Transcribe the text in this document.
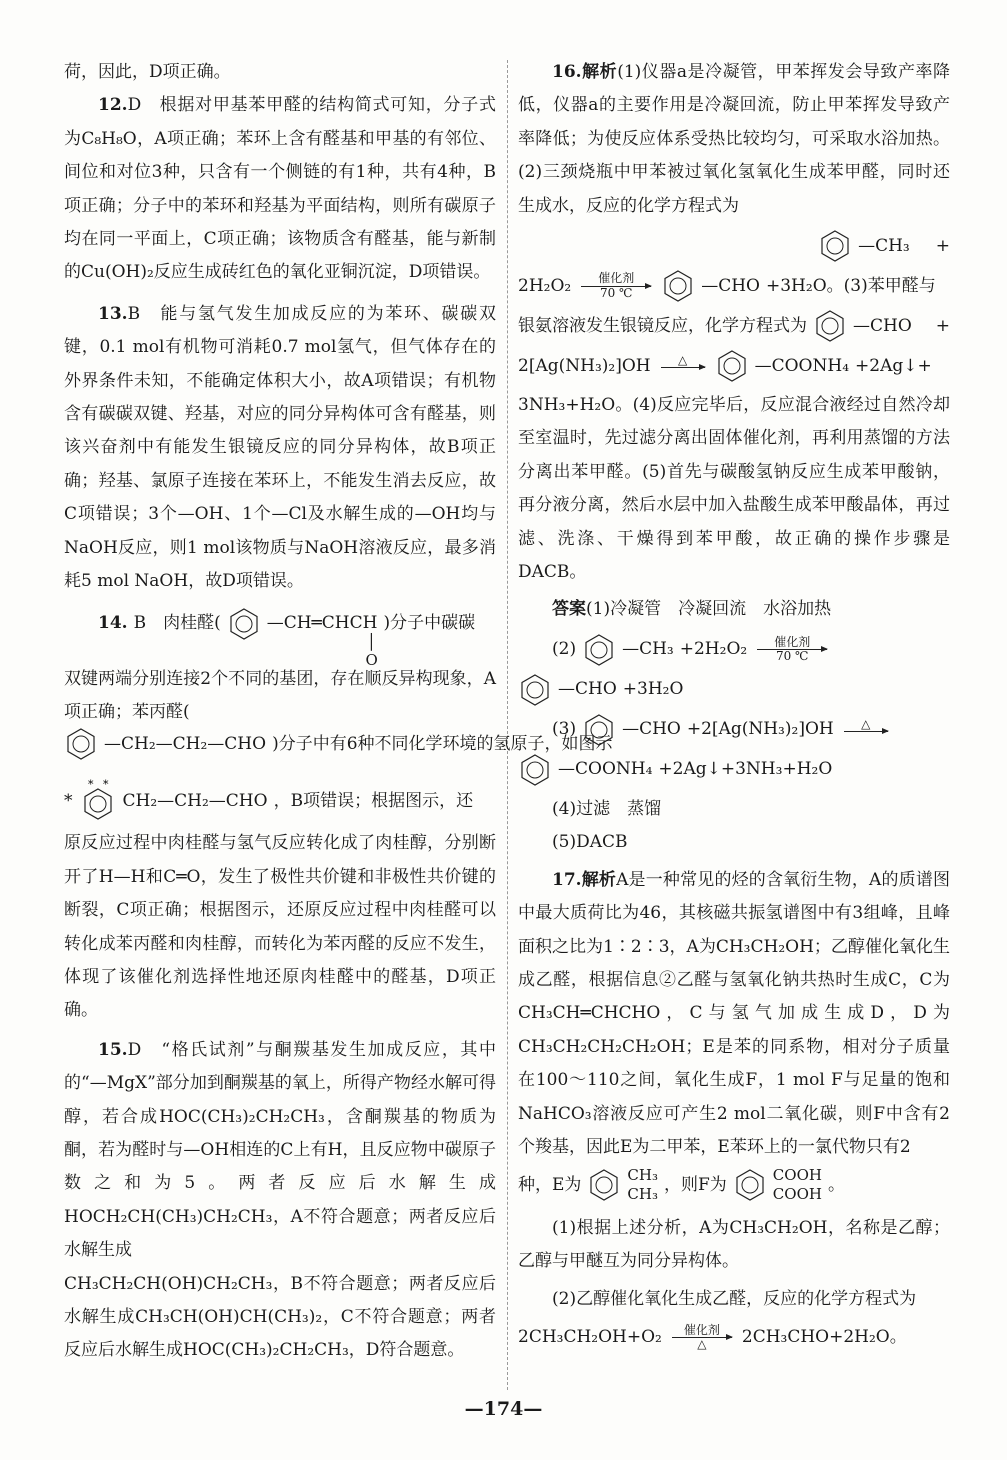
荷，因此，D项正确。

12.D　根据对甲基苯甲醛的结构简式可知，分子式为C₈H₈O，A项正确；苯环上含有醛基和甲基的有邻位、间位和对位3种，只含有一个侧链的有1种，共有4种，B项正确；分子中的苯环和羟基为平面结构，则所有碳原子均在同一平面上，C项正确；该物质含有醛基，能与新制的Cu(OH)₂反应生成砖红色的氧化亚铜沉淀，D项错误。

13.B　能与氢气发生加成反应的为苯环、碳碳双键，0.1 mol有机物可消耗0.7 mol氢气，但气体存在的外界条件未知，不能确定体积大小，故A项错误；有机物含有碳碳双键、羟基，对应的同分异构体可含有醛基，则该兴奋剂中有能发生银镜反应的同分异构体，故B项正确；羟基、氯原子连接在苯环上，不能发生消去反应，故C项错误；3个—OH、1个—Cl及水解生成的—OH均与NaOH反应，则1 mol该物质与NaOH溶液反应，最多消耗5 mol NaOH，故D项错误。

14. B　肉桂醛(	—CH═CHCH
│
O
)分子中碳碳

双键两端分别连接2个不同的基团，存在顺反异构现象，A项正确；苯丙醛(

—CH₂—CH₂—CHO )分子中有6种不同化学环境的氢原子，如图示
*
* *
CH₂—CH₂—CHO ，B项错误；根据图示，还

原反应过程中肉桂醛与氢气反应转化成了肉桂醇，分别断开了H—H和C═O，发生了极性共价键和非极性共价键的断裂，C项正确；根据图示，还原反应过程中肉桂醛可以转化成苯丙醛和肉桂醇，而转化为苯丙醛的反应不发生，体现了该催化剂选择性地还原肉桂醛中的醛基，D项正确。

15.D　“格氏试剂”与酮羰基发生加成反应，其中的“—MgX”部分加到酮羰基的氧上，所得产物经水解可得醇，若合成HOC(CH₃)₂CH₂CH₃，含酮羰基的物质为酮，若为醛时与—OH相连的C上有H，且反应物中碳原子数之和为5。两者反应后水解生成HOCH₂CH(CH₃)CH₂CH₃，A不符合题意；两者反应后水解生成

CH₃CH₂CH(OH)CH₂CH₃，B不符合题意；两者反应后水解生成CH₃CH(OH)CH(CH₃)₂，C不符合题意；两者反应后水解生成HOC(CH₃)₂CH₂CH₃，D符合题意。

16.解析(1)仪器a是冷凝管，甲苯挥发会导致产率降低，仪器a的主要作用是冷凝回流，防止甲苯挥发导致产率降低；为使反应体系受热比较均匀，可采取水浴加热。(2)三颈烧瓶中甲苯被过氧化氢氧化生成苯甲醛，同时还生成水，反应的化学方程式为

—CH₃ +
2H₂O₂ 催化剂
70 ℃	—CHO +3H₂O。(3)苯甲醛与
银氨溶液发生银镜反应，化学方程式为	—CHO +
2[Ag(NH₃)₂]OH △	—COONH₄ +2Ag↓+

3NH₃+H₂O。(4)反应完毕后，反应混合液经过自然冷却至室温时，先过滤分离出固体催化剂，再利用蒸馏的方法分离出苯甲醛。(5)首先与碳酸氢钠反应生成苯甲酸钠，再分液分离，然后水层中加入盐酸生成苯甲酸晶体，再过滤、洗涤、干燥得到苯甲酸，故正确的操作步骤是DACB。

答案(1)冷凝管　冷凝回流　水浴加热

(2)	—CH₃ +2H₂O₂ 催化剂
70 ℃
—CHO +3H₂O
(3)	—CHO +2[Ag(NH₃)₂]OH △
—COONH₄ +2Ag↓+3NH₃+H₂O

(4)过滤　蒸馏

(5)DACB

17.解析A是一种常见的烃的含氧衍生物，A的质谱图中最大质荷比为46，其核磁共振氢谱图中有3组峰，且峰面积之比为1∶2∶3，A为CH₃CH₂OH；乙醇催化氧化生成乙醛，根据信息②乙醛与氢氧化钠共热时生成C，C为CH₃CH═CHCHO，C与氢气加成生成D，D为CH₃CH₂CH₂CH₂OH；E是苯的同系物，相对分子质量在100～110之间，氧化生成F，1 mol F与足量的饱和NaHCO₃溶液反应可产生2 mol二氧化碳，则F中含有2个羧基，因此E为二甲苯，E苯环上的一氯代物只有2

种，E为	CH₃
CH₃ ，则F为	COOH
COOH 。

(1)根据上述分析，A为CH₃CH₂OH，名称是乙醇；乙醇与甲醚互为同分异构体。

(2)乙醇催化氧化生成乙醛，反应的化学方程式为

2CH₃CH₂OH+O₂ 催化剂
△ 2CH₃CHO+2H₂O。
—174—
